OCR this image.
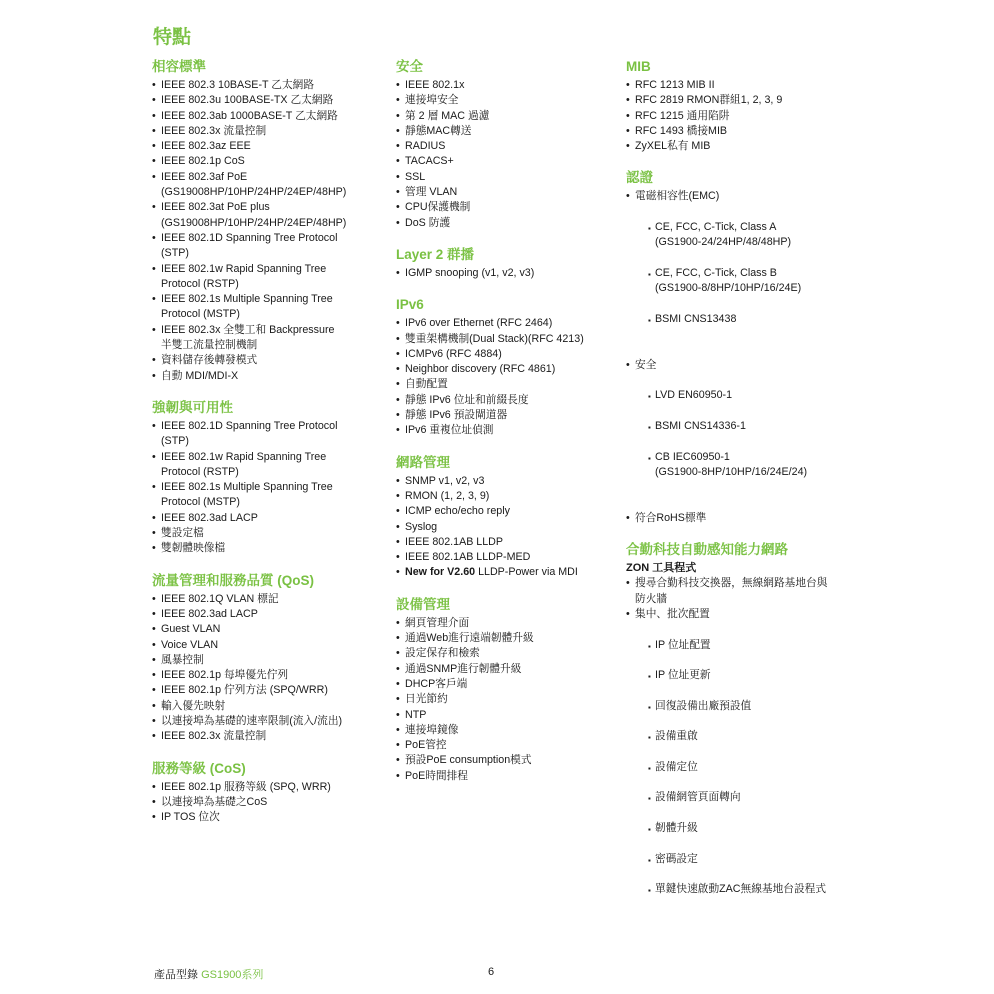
特點
相容標準
• IEEE 802.3 10BASE-T 乙太網路
• IEEE 802.3u 100BASE-TX 乙太網路
• IEEE 802.3ab 1000BASE-T 乙太網路
• IEEE 802.3x 流量控制
• IEEE 802.3az EEE
• IEEE 802.1p CoS
• IEEE 802.3af PoE
(GS19008HP/10HP/24HP/24EP/48HP)
• IEEE 802.3at PoE plus
(GS19008HP/10HP/24HP/24EP/48HP)
• IEEE 802.1D Spanning Tree Protocol
(STP)
• IEEE 802.1w Rapid Spanning Tree
Protocol (RSTP)
• IEEE 802.1s Multiple Spanning Tree
Protocol (MSTP)
• IEEE 802.3x 全雙工和 Backpressure
半雙工流量控制機制
• 資料儲存後轉發模式
• 自動 MDI/MDI-X
強韌與可用性
• IEEE 802.1D Spanning Tree Protocol
(STP)
• IEEE 802.1w Rapid Spanning Tree
Protocol (RSTP)
• IEEE 802.1s Multiple Spanning Tree
Protocol (MSTP)
• IEEE 802.3ad LACP
• 雙設定檔
• 雙韌體映像檔
流量管理和服務品質 (QoS)
• IEEE 802.1Q VLAN 標記
• IEEE 802.3ad LACP
• Guest VLAN
• Voice VLAN
• 風暴控制
• IEEE 802.1p 每埠優先佇列
• IEEE 802.1p 佇列方法 (SPQ/WRR)
• 輸入優先映射
• 以連接埠為基礎的速率限制(流入/流出)
• IEEE 802.3x 流量控制
服務等級 (CoS)
• IEEE 802.1p 服務等級 (SPQ, WRR)
• 以連接埠為基礎之CoS
• IP TOS 位次
安全
• IEEE 802.1x
• 連接埠安全
• 第 2 層 MAC 過濾
• 靜態MAC轉送
• RADIUS
• TACACS+
• SSL
• 管理 VLAN
• CPU保護機制
• DoS 防護
Layer 2 群播
• IGMP snooping (v1, v2, v3)
IPv6
• IPv6 over Ethernet (RFC 2464)
• 雙重架構機制(Dual Stack)(RFC 4213)
• ICMPv6 (RFC 4884)
• Neighbor discovery (RFC 4861)
• 自動配置
• 靜態 IPv6 位址和前綴長度
• 靜態 IPv6 預設閘道器
• IPv6 重複位址偵測
網路管理
• SNMP v1, v2, v3
• RMON (1, 2, 3, 9)
• ICMP echo/echo reply
• Syslog
• IEEE 802.1AB LLDP
• IEEE 802.1AB LLDP-MED
• New for V2.60 LLDP-Power via MDI
設備管理
• 網頁管理介面
• 通過Web進行遠端韌體升級
• 設定保存和檢索
• 通過SNMP進行韌體升級
• DHCP客戶端
• 日光節約
• NTP
• 連接埠鏡像
• PoE管控
• 預設PoE consumption模式
• PoE時間排程
MIB
• RFC 1213 MIB II
• RFC 2819 RMON群組1, 2, 3, 9
• RFC 1215 通用陷阱
• RFC 1493 橋接MIB
• ZyXEL私有 MIB
認證
• 電磁相容性(EMC)

▪ CE, FCC, C-Tick, Class A
(GS1900-24/24HP/48/48HP)

▪ CE, FCC, C-Tick, Class B
(GS1900-8/8HP/10HP/16/24E)

▪ BSMI CNS13438

• 安全

▪ LVD EN60950-1

▪ BSMI CNS14336-1

▪ CB IEC60950-1
(GS1900-8HP/10HP/16/24E/24)

• 符合RoHS標準
合勤科技自動感知能力網路
ZON 工具程式
• 搜尋合勤科技交換器，無線網路基地台與
防火牆
• 集中、批次配置

▪ IP 位址配置

▪ IP 位址更新

▪ 回復設備出廠預設值

▪ 設備重啟

▪ 設備定位

▪ 設備網管頁面轉向

▪ 韌體升級

▪ 密碼設定

▪ 單鍵快速啟動ZAC無線基地台設程式

產品型錄 GS1900系列	6
